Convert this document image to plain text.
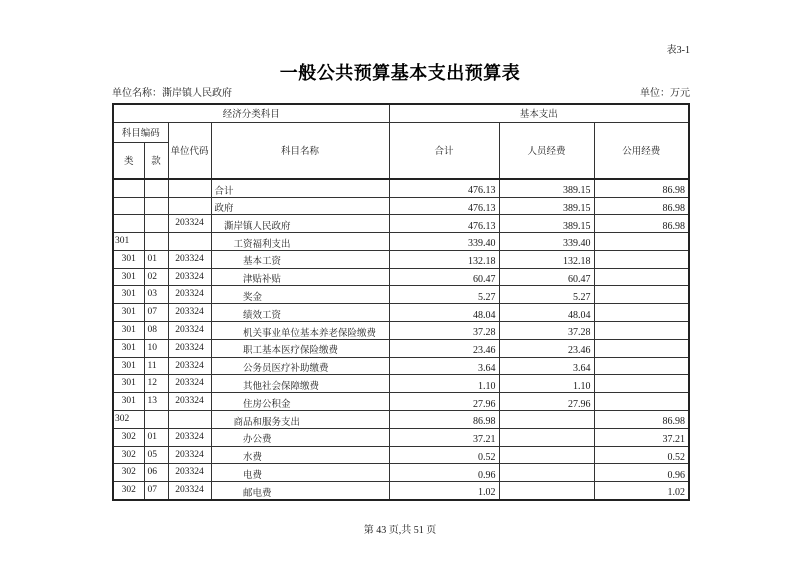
表3-1
一般公共预算基本支出预算表
单位名称：澌岸镇人民政府	单位：万元
经济分类科目				基本支出		
科目编码		单位代码	科目名称	合计	人员经费	公用经费
类	款					
			合计	476.13	389.15	86.98
			政府	476.13	389.15	86.98
		203324	澌岸镇人民政府	476.13	389.15	86.98
301			工资福利支出	339.40	339.40	
301	01	203324	基本工资	132.18	132.18	
301	02	203324	津贴补贴	60.47	60.47	
301	03	203324	奖金	5.27	5.27	
301	07	203324	绩效工资	48.04	48.04	
301	08	203324	机关事业单位基本养老保险缴费	37.28	37.28	
301	10	203324	职工基本医疗保险缴费	23.46	23.46	
301	11	203324	公务员医疗补助缴费	3.64	3.64	
301	12	203324	其他社会保障缴费	1.10	1.10	
301	13	203324	住房公积金	27.96	27.96	
302			商品和服务支出	86.98		86.98
302	01	203324	办公费	37.21		37.21
302	05	203324	水费	0.52		0.52
302	06	203324	电费	0.96		0.96
302	07	203324	邮电费	1.02		1.02
第 43 页,共 51 页
